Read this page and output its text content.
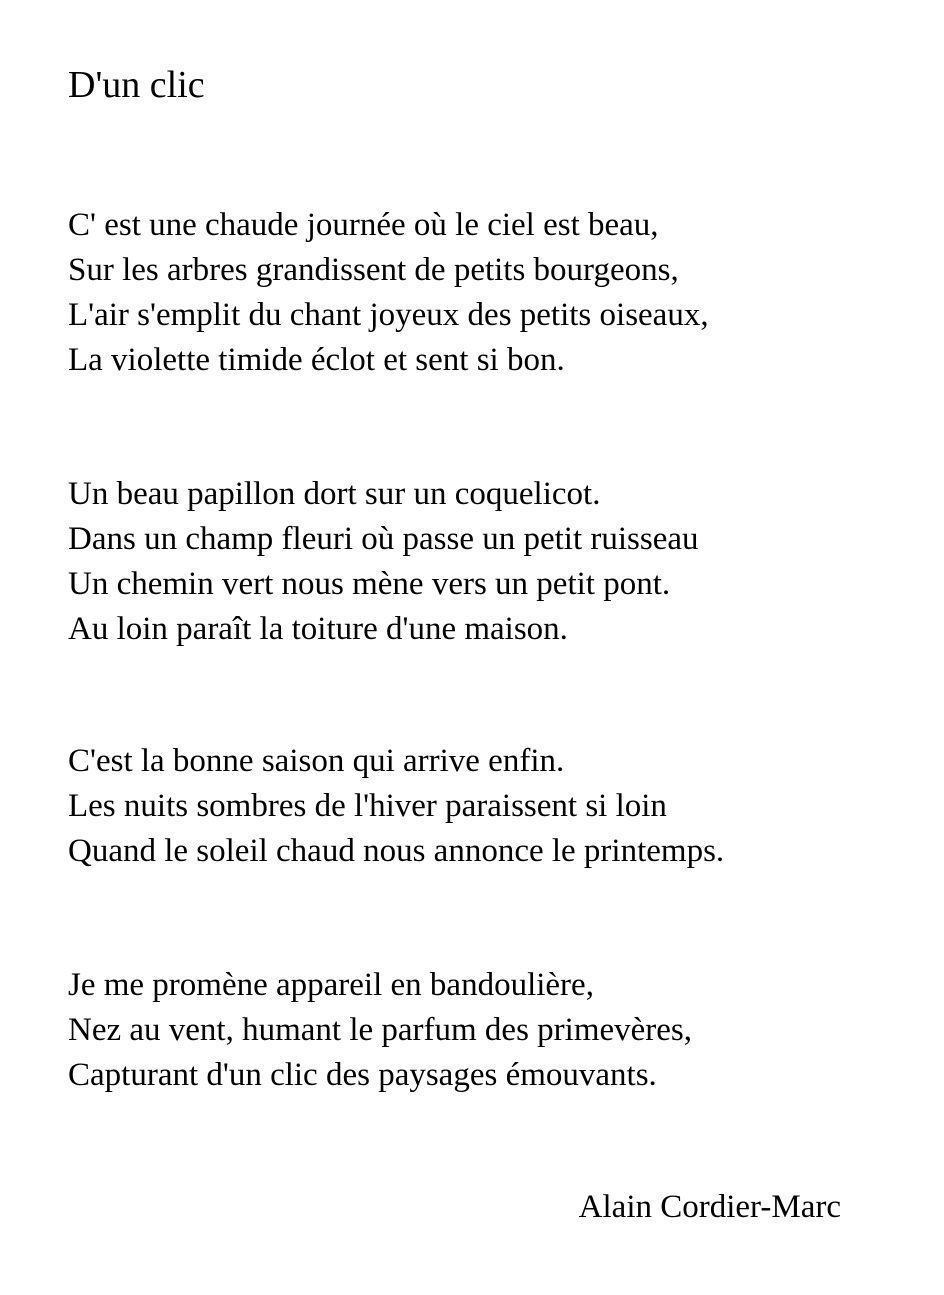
D'un clic
C' est une chaude journée où le ciel est beau,
Sur les arbres grandissent de petits bourgeons,
L'air s'emplit du chant joyeux des petits oiseaux,
La violette timide éclot et sent si bon.
Un beau papillon dort sur un coquelicot.
Dans un champ fleuri où passe un petit ruisseau
Un chemin vert nous mène vers un petit pont.
Au loin paraît la toiture d'une maison.
C'est la bonne saison qui arrive enfin.
Les nuits sombres de l'hiver paraissent si loin
Quand le soleil chaud nous annonce le printemps.
Je me promène appareil en bandoulière,
Nez au vent, humant le parfum des primevères,
Capturant d'un clic des paysages émouvants.
Alain Cordier-Marc
